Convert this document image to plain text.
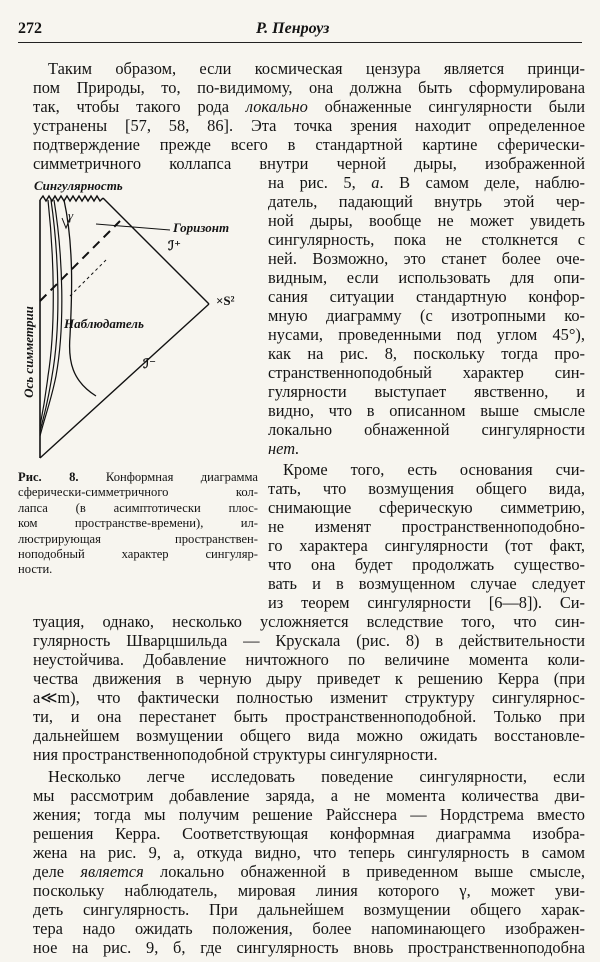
272	Р. Пенроуз
Таким образом, если космическая цензура является принци-
пом Природы, то, по-видимому, она должна быть сформулирована
так, чтобы такого рода локально обнаженные сингулярности были
устранены [57, 58, 86]. Эта точка зрения находит определенное
подтверждение прежде всего в стандартной картине сферически-
симметричного коллапса внутри черной дыры, изображенной
на рис. 5, а. В самом деле, наблю-
датель, падающий внутрь этой чер-
ной дыры, вообще не может увидеть
сингулярность, пока не столкнется с
ней. Возможно, это станет более оче-
видным, если использовать для опи-
сания ситуации стандартную конфор-
мную диаграмму (с изотропными ко-
нусами, проведенными под углом 45°),
как на рис. 8, поскольку тогда про-
странственноподобный характер син-
гулярности выступает явственно, и
видно, что в описанном выше смысле
локально обнаженной сингулярности
нет.
Кроме того, есть основания счи-
тать, что возмущения общего вида,
снимающие сферическую симметрию,
не изменят пространственноподобно-
го характера сингулярности (тот факт,
что она будет продолжать существо-
вать и в возмущенном случае следует
из теорем сингулярности [6—8]). Си-
Сингулярность
Горизонт
ℐ⁺
γ
Наблюдатель
×S²
ℐ⁻
Ось симметрии
Рис. 8. Конформная диаграмма
сферически-симметричного кол-
лапса (в асимптотически плос-
ком пространстве-времени), ил-
люстрирующая пространствен-
ноподобный характер сингуляр-
ности.
туация, однако, несколько усложняется вследствие того, что син-
гулярность Шварцшильда — Крускала (рис. 8) в действительности
неустойчива. Добавление ничтожного по величине момента коли-
чества движения в черную дыру приведет к решению Керра (при
a≪m), что фактически полностью изменит структуру сингулярнос-
ти, и она перестанет быть пространственноподобной. Только при
дальнейшем возмущении общего вида можно ожидать восстановле-
ния пространственноподобной структуры сингулярности.
Несколько легче исследовать поведение сингулярности, если
мы рассмотрим добавление заряда, а не момента количества дви-
жения; тогда мы получим решение Райсснера — Нордстрема вместо
решения Керра. Соответствующая конформная диаграмма изобра-
жена на рис. 9, а, откуда видно, что теперь сингулярность в самом
деле является локально обнаженной в приведенном выше смысле,
поскольку наблюдатель, мировая линия которого γ, может уви-
деть сингулярность. При дальнейшем возмущении общего харак-
тера надо ожидать положения, более напоминающего изображен-
ное на рис. 9, б, где сингулярность вновь пространственноподобна
